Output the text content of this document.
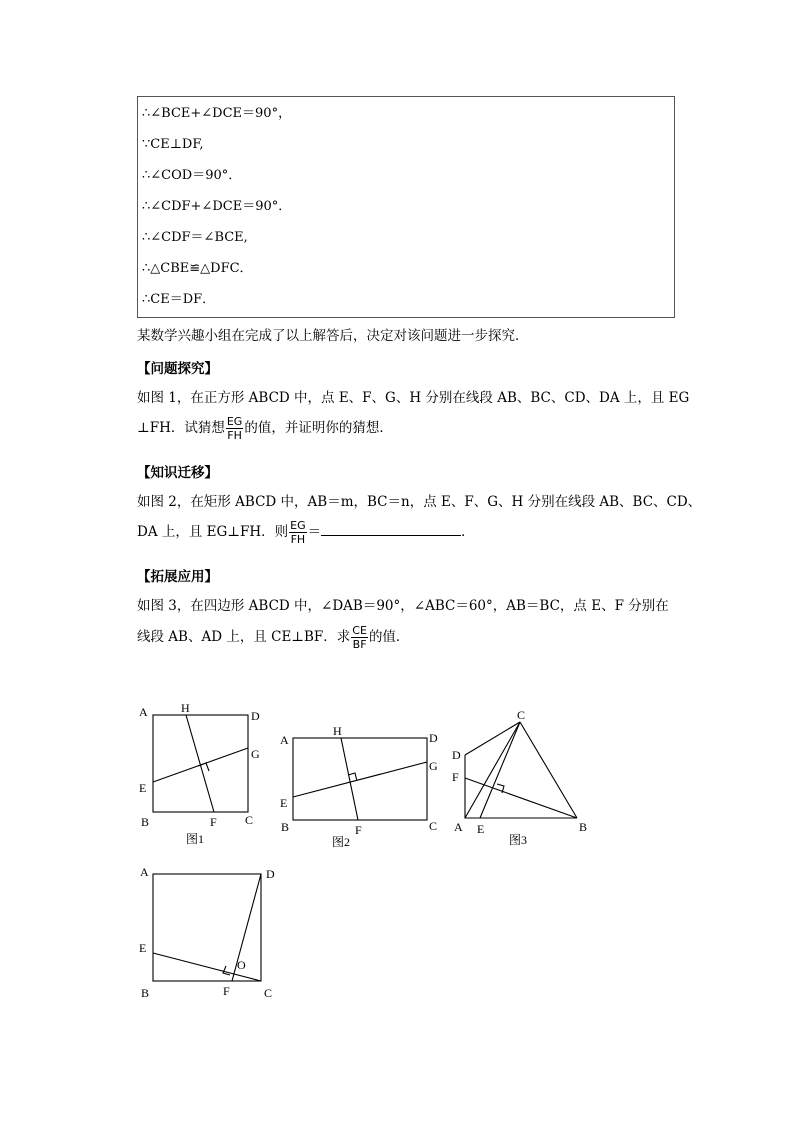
∴∠BCE+∠DCE＝90°，
∵CE⊥DF,
∴∠COD＝90°．
∴∠CDF+∠DCE＝90°．
∴∠CDF＝∠BCE,
∴△CBE≌△DFC．
∴CE＝DF．
某数学兴趣小组在完成了以上解答后，决定对该问题进一步探究．
【问题探究】
如图 1，在正方形 ABCD 中，点 E、F、G、H 分别在线段 AB、BC、CD、DA 上，且 EG
⊥FH．试猜想 $\frac{EG}{FH}$ 的值，并证明你的猜想．
【知识迁移】
如图 2，在矩形 ABCD 中，AB＝m，BC＝n，点 E、F、G、H 分别在线段 AB、BC、CD、
DA 上，且 EG⊥FH．则 $\frac{EG}{FH}$ ＝	．
【拓展应用】
如图 3，在四边形 ABCD 中，∠DAB＝90°，∠ABC＝60°，AB＝BC，点 E、F 分别在
线段 AB、AD 上，且 CE⊥BF．求 $\frac{CE}{BF}$ 的值．
A	H
D
G
E
B	F C
图1
A
H	D
G
E
B	F	C
图2
C
D
F
A E	B
图3
A	D
E
O
B	F	C
